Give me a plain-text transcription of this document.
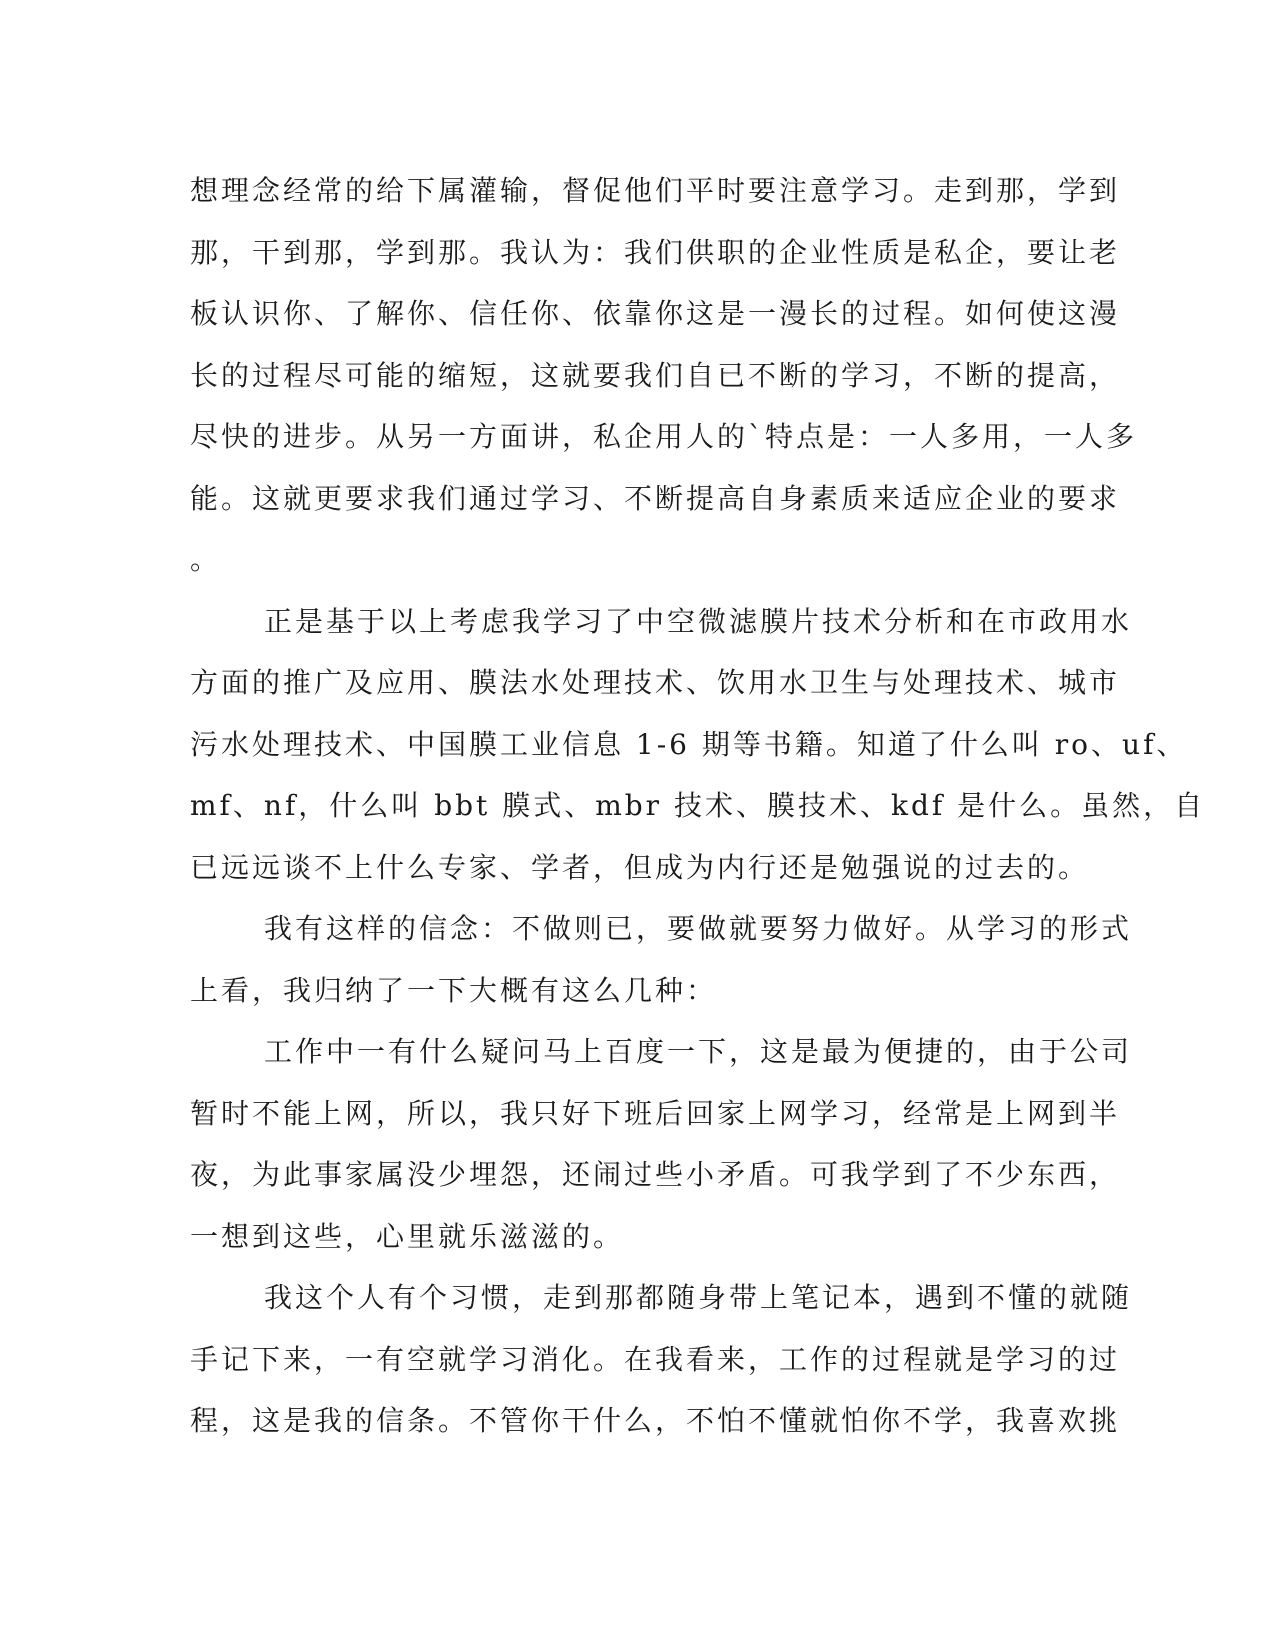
想理念经常的给下属灌输，督促他们平时要注意学习。走到那，学到
那，干到那，学到那。我认为：我们供职的企业性质是私企，要让老
板认识你、了解你、信任你、依靠你这是一漫长的过程。如何使这漫
长的过程尽可能的缩短，这就要我们自已不断的学习，不断的提高，
尽快的进步。从另一方面讲，私企用人的`特点是：一人多用，一人多
能。这就更要求我们通过学习、不断提高自身素质来适应企业的要求
。
正是基于以上考虑我学习了中空微滤膜片技术分析和在市政用水
方面的推广及应用、膜法水处理技术、饮用水卫生与处理技术、城市
污水处理技术、中国膜工业信息 1-6 期等书籍。知道了什么叫 ro、uf、
mf、nf，什么叫 bbt 膜式、mbr 技术、膜技术、kdf 是什么。虽然，自
已远远谈不上什么专家、学者，但成为内行还是勉强说的过去的。
我有这样的信念：不做则已，要做就要努力做好。从学习的形式
上看，我归纳了一下大概有这么几种：
工作中一有什么疑问马上百度一下，这是最为便捷的，由于公司
暂时不能上网，所以，我只好下班后回家上网学习，经常是上网到半
夜，为此事家属没少埋怨，还闹过些小矛盾。可我学到了不少东西，
一想到这些，心里就乐滋滋的。
我这个人有个习惯，走到那都随身带上笔记本，遇到不懂的就随
手记下来，一有空就学习消化。在我看来，工作的过程就是学习的过
程，这是我的信条。不管你干什么，不怕不懂就怕你不学，我喜欢挑
